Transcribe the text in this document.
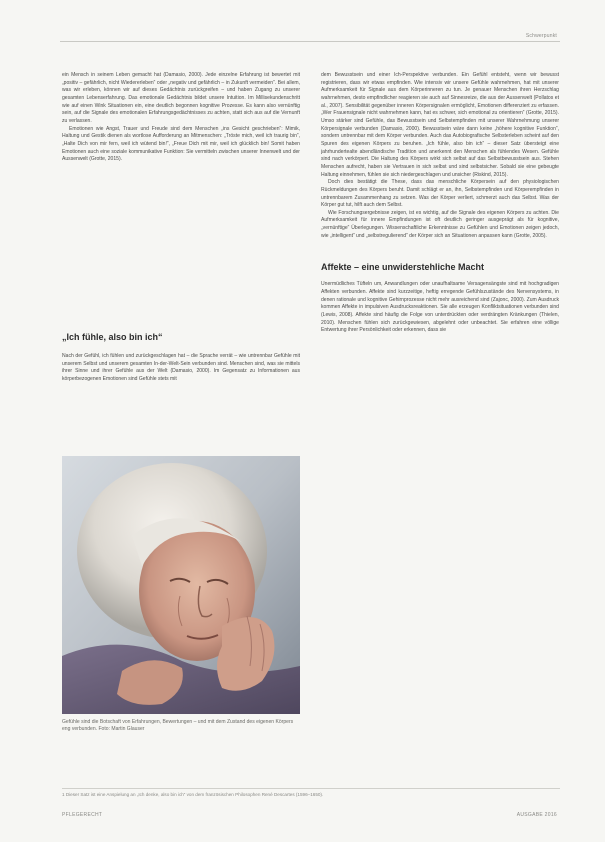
Schwerpunkt

ein Mensch in seinem Leben gemacht hat (Damasio, 2000). Jede einzelne Erfahrung ist bewertet mit „positiv – gefährlich, nicht Wiedererleben“ oder „negativ und gefährlich – in Zukunft vermeiden“. Bei allem, was wir erleben, können wir auf dieses Gedächtnis zurückgreifen – und haben Zugang zu unserer gesamten Lebenserfahrung. Das emotionale Gedächtnis bildet unsere Intuition. Im Millisekundenschritt wie auf einen Wink Situationen ein, eine deutlich begonnen kognitive Prozesse. Es kann also vernünftig sein, auf die Signale des emotionalen Erfahrungsgedächtnisses zu achten, statt sich aus auf die Vernunft zu verlassen.

Emotionen wie Angst, Trauer und Freude sind dem Menschen „ins Gesicht geschrieben“: Mimik, Haltung und Gestik dienen als wortlose Aufforderung an Mitmenschen: „Tröste mich, weil ich traurig bin“, „Halte Dich von mir fern, weil ich wütend bin!“, „Freue Dich mit mir, weil ich glücklich bin! Somit haben Emotionen auch eine soziale kommunikative Funktion: Sie vermitteln zwischen unserer Innenwelt und der Aussenwelt (Grotte, 2015).

„Ich fühle, also bin ich“
Nach der Gefühl, ich fühlen und zurückgeschlagen hat – die Sprache verrät – wie untrennbar Gefühle mit unserem Selbst und unserem gesamten In-der-Welt-Sein verbunden sind. Menschen sind, was sie mittels ihrer Sinne und ihrer Gefühle aus der Welt (Damasio, 2000). Im Gegensatz zu Informationen aus körperbezogenen Emotionen sind Gefühle stets mit
Gefühle sind die Botschaft von Erfahrungen, Bewertungen – und mit dem Zustand des eigenen Körpers eng verbunden. Foto: Martin Glauser

dem Bewusstsein und einer Ich-Perspektive verbunden. Ein Gefühl entsteht, wenn wir bewusst registrieren, dass wir etwas empfinden. Wie intensiv wir unsere Gefühle wahrnehmen, hat mit unserer Aufmerksamkeit für Signale aus dem Körperinneren zu tun. Je genauer Menschen ihren Herzschlag wahrnehmen, desto empfindlicher reagieren sie auch auf Sinnesreize, die aus der Aussenwelt (Pollatos et al., 2007). Sensibilität gegenüber inneren Körpersignalen ermöglicht, Emotionen differenziert zu erfassen. „Wer Frauensignale nicht wahrnehmen kann, hat es schwer, sich emotional zu orientieren“ (Grotte, 2015). Umso stärker sind Gefühle, das Bewusstsein und Selbstempfinden mit unserer Wahrnehmung unserer Körpersignale verbunden (Damasio, 2000). Bewusstsein wäre dann keine „höhere kognitive Funktion“, sondern untrennbar mit dem Körper verbunden. Auch das Autobiografische Selbsterleben scheint auf den Spuren des eigenen Körpers zu beruhen. „Ich fühle, also bin ich“ – dieser Satz übersteigt eine jahrhundertealte abendländische Tradition und anerkennt den Menschen als fühlendes Wesen. Gefühle sind nach verkörpert. Die Haltung des Körpers wirkt sich selbst auf das Selbstbewusstsein aus. Stehen Menschen aufrecht, haben sie Vertrauen in sich selbst und sind selbstsicher. Sobald sie eine gebeugte Haltung einnehmen, fühlen sie sich niedergeschlagen und unsicher (Riskind, 2015).

Doch dies bestätigt die These, dass das menschliche Körpersein auf den physiologischen Rückmeldungen des Körpers beruht. Damit schlägt er an, ihn, Selbstempfinden und Körperempfinden in untrennbarem Zusammenhang zu setzen. Was der Körper verliert, schmerzt auch das Selbst. Was der Körper gut tut, hilft auch dem Selbst.

Wie Forschungsergebnisse zeigen, ist es wichtig, auf die Signale des eigenen Körpers zu achten. Die Aufmerksamkeit für innere Empfindungen ist oft deutlich geringer ausgeprägt als für kognitive, „vernünftige“ Überlegungen. Wissenschaftliche Erkenntnisse zu Gefühlen und Emotionen zeigen jedoch, wie „intelligent“ und „selbstregulierend“ der Körper sich an Situationen anpassen kann (Grotte, 2005).

Affekte – eine unwiderstehliche Macht

Unermüdliches Tüfteln um, Anwandlungen oder unaufhaltsame Versagensängste sind mit hochgradigen Affekten verbunden. Affekte sind kurzzeitige, heftig erregende Gefühlszustände des Nervensystems, in denen rationale und kognitive Gehirnprozesse nicht mehr ausreichend sind (Zajonc, 2000). Zum Ausdruck kommen Affekte in impulsiven Ausdrucksreaktionen. Sie alle erzeugen Konfliktsituationen verbunden sind (Lewis, 2008). Affekte sind häufig die Folge von unterdrückten oder verdrängten Kränkungen (Thielen, 2010). Menschen fühlen sich zurückgewiesen, abgelehnt oder unbeachtet. Sie erfahren eine völlige Entwertung ihrer Persönlichkeit oder erkennen, dass sie

1 Dieser Satz ist eine Anspielung an „Ich denke, also bin ich“ von dem französischen Philosophen René Descartes (1596–1650).
PFLEGERECHT	AUSGABE 2016
